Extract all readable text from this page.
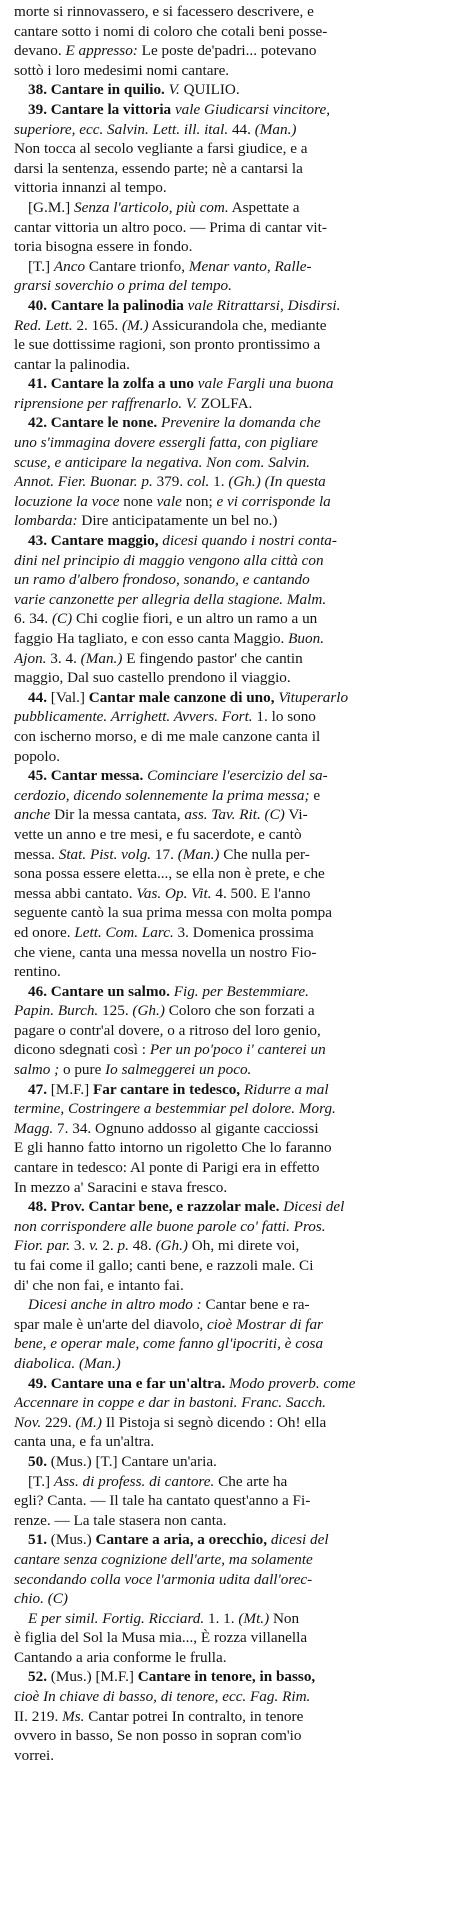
morte si rinnovassero, e si facessero descrivere, e
cantare sotto i nomi di coloro che cotali beni posse-
devano. E appresso: Le poste de'padri... potevano
sottò i loro medesimi nomi cantare.
38. Cantare in quilio. V. QUILIO.
39. Cantare la vittoria vale Giudicarsi vincitore,
superiore, ecc. Salvin. Lett. ill. ital. 44. (Man.)
Non tocca al secolo vegliante a farsi giudice, e a
darsi la sentenza, essendo parte; nè a cantarsi la
vittoria innanzi al tempo.
[G.M.] Senza l'articolo, più com. Aspettate a
cantar vittoria un altro poco. — Prima di cantar vit-
toria bisogna essere in fondo.
[T.] Anco Cantare trionfo, Menar vanto, Ralle-
grarsi soverchio o prima del tempo.
40. Cantare la palinodia vale Ritrattarsi, Disdirsi.
Red. Lett. 2. 165. (M.) Assicurandola che, mediante
le sue dottissime ragioni, son pronto prontissimo a
cantar la palinodia.
41. Cantare la zolfa a uno vale Fargli una buona
riprensione per raffrenarlo. V. ZOLFA.
42. Cantare le none. Prevenire la domanda che
uno s'immagina dovere essergli fatta, con pigliare
scuse, e anticipare la negativa. Non com. Salvin.
Annot. Fier. Buonar. p. 379. col. 1. (Gh.) (In questa
locuzione la voce none vale non; e vi corrisponde la
lombarda: Dire anticipatamente un bel no.)
43. Cantare maggio, dicesi quando i nostri conta-
dini nel principio di maggio vengono alla città con
un ramo d'albero frondoso, sonando, e cantando
varie canzonette per allegria della stagione. Malm.
6. 34. (C) Chi coglie fiori, e un altro un ramo a un
faggio Ha tagliato, e con esso canta Maggio. Buon.
Ajon. 3. 4. (Man.) E fingendo pastor' che cantin
maggio, Dal suo castello prendono il viaggio.
44. [Val.] Cantar male canzone di uno, Vituperarlo
pubblicamente. Arrighett. Avvers. Fort. 1. lo sono
con ischerno morso, e di me male canzone canta il
popolo.
45. Cantar messa. Cominciare l'esercizio del sa-
cerdozio, dicendo solennemente la prima messa; e
anche Dir la messa cantata, ass. Tav. Rit. (C) Vi-
vette un anno e tre mesi, e fu sacerdote, e cantò
messa. Stat. Pist. volg. 17. (Man.) Che nulla per-
sona possa essere eletta..., se ella non è prete, e che
messa abbi cantato. Vas. Op. Vit. 4. 500. E l'anno
seguente cantò la sua prima messa con molta pompa
ed onore. Lett. Com. Larc. 3. Domenica prossima
che viene, canta una messa novella un nostro Fio-
rentino.
46. Cantare un salmo. Fig. per Bestemmiare.
Papin. Burch. 125. (Gh.) Coloro che son forzati a
pagare o contr'al dovere, o a ritroso del loro genio,
dicono sdegnati così : Per un po'poco i' canterei un
salmo ; o pure Io salmeggerei un poco.
47. [M.F.] Far cantare in tedesco, Ridurre a mal
termine, Costringere a bestemmiar pel dolore. Morg.
Magg. 7. 34. Ognuno addosso al gigante cacciossi
E gli hanno fatto intorno un rigoletto Che lo faranno
cantare in tedesco: Al ponte di Parigi era in effetto
In mezzo a' Saracini e stava fresco.
48. Prov. Cantar bene, e razzolar male. Dicesi del
non corrispondere alle buone parole co' fatti. Pros.
Fior. par. 3. v. 2. p. 48. (Gh.) Oh, mi direte voi,
tu fai come il gallo; canti bene, e razzoli male. Ci
di' che non fai, e intanto fai.
Dicesi anche in altro modo : Cantar bene e ra-
spar male è un'arte del diavolo, cioè Mostrar di far
bene, e operar male, come fanno gl'ipocriti, è cosa
diabolica. (Man.)
49. Cantare una e far un'altra. Modo proverb. come
Accennare in coppe e dar in bastoni. Franc. Sacch.
Nov. 229. (M.) Il Pistoja si segnò dicendo : Oh! ella
canta una, e fa un'altra.
50. (Mus.) [T.] Cantare un'aria.
[T.] Ass. di profess. di cantore. Che arte ha
egli? Canta. — Il tale ha cantato quest'anno a Fi-
renze. — La tale stasera non canta.
51. (Mus.) Cantare a aria, a orecchio, dicesi del
cantare senza cognizione dell'arte, ma solamente
secondando colla voce l'armonia udita dall'orec-
chio. (C)
E per simil. Fortig. Ricciard. 1. 1. (Mt.) Non
è figlia del Sol la Musa mia..., È rozza villanella
Cantando a aria conforme le frulla.
52. (Mus.) [M.F.] Cantare in tenore, in basso,
cioè In chiave di basso, di tenore, ecc. Fag. Rim.
II. 219. Ms. Cantar potrei In contralto, in tenore
ovvero in basso, Se non posso in sopran com'io
vorrei.
